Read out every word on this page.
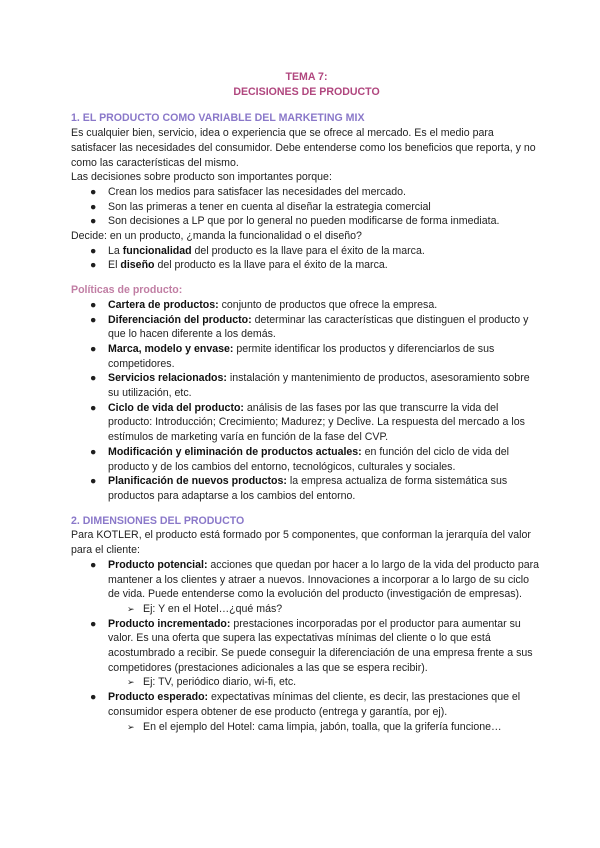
TEMA 7:
DECISIONES DE PRODUCTO
1. EL PRODUCTO COMO VARIABLE DEL MARKETING MIX

Es cualquier bien, servicio, idea o experiencia que se ofrece al mercado. Es el medio para satisfacer las necesidades del consumidor. Debe entenderse como los beneficios que reporta, y no como las características del mismo.

Las decisiones sobre producto son importantes porque:

● Crean los medios para satisfacer las necesidades del mercado.
● Son las primeras a tener en cuenta al diseñar la estrategia comercial
● Son decisiones a LP que por lo general no pueden modificarse de forma inmediata.

Decide: en un producto, ¿manda la funcionalidad o el diseño?

● La funcionalidad del producto es la llave para el éxito de la marca.
● El diseño del producto es la llave para el éxito de la marca.
Políticas de producto:
● Cartera de productos: conjunto de productos que ofrece la empresa.
● Diferenciación del producto: determinar las características que distinguen el producto y que lo hacen diferente a los demás.
● Marca, modelo y envase: permite identificar los productos y diferenciarlos de sus competidores.
● Servicios relacionados: instalación y mantenimiento de productos, asesoramiento sobre su utilización, etc.
● Ciclo de vida del producto: análisis de las fases por las que transcurre la vida del producto: Introducción; Crecimiento; Madurez; y Declive. La respuesta del mercado a los estímulos de marketing varía en función de la fase del CVP.
● Modificación y eliminación de productos actuales: en función del ciclo de vida del producto y de los cambios del entorno, tecnológicos, culturales y sociales.
● Planificación de nuevos productos: la empresa actualiza de forma sistemática sus productos para adaptarse a los cambios del entorno.
2. DIMENSIONES DEL PRODUCTO

Para KOTLER, el producto está formado por 5 componentes, que conforman la jerarquía del valor para el cliente:

● Producto potencial: acciones que quedan por hacer a lo largo de la vida del producto para mantener a los clientes y atraer a nuevos. Innovaciones a incorporar a lo largo de su ciclo de vida. Puede entenderse como la evolución del producto (investigación de empresas).
➢ Ej: Y en el Hotel…¿qué más?
● Producto incrementado: prestaciones incorporadas por el productor para aumentar su valor. Es una oferta que supera las expectativas mínimas del cliente o lo que está acostumbrado a recibir. Se puede conseguir la diferenciación de una empresa frente a sus competidores (prestaciones adicionales a las que se espera recibir).
➢ Ej: TV, periódico diario, wi-fi, etc.
● Producto esperado: expectativas mínimas del cliente, es decir, las prestaciones que el consumidor espera obtener de ese producto (entrega y garantía, por ej).
➢ En el ejemplo del Hotel: cama limpia, jabón, toalla, que la grifería funcione…
